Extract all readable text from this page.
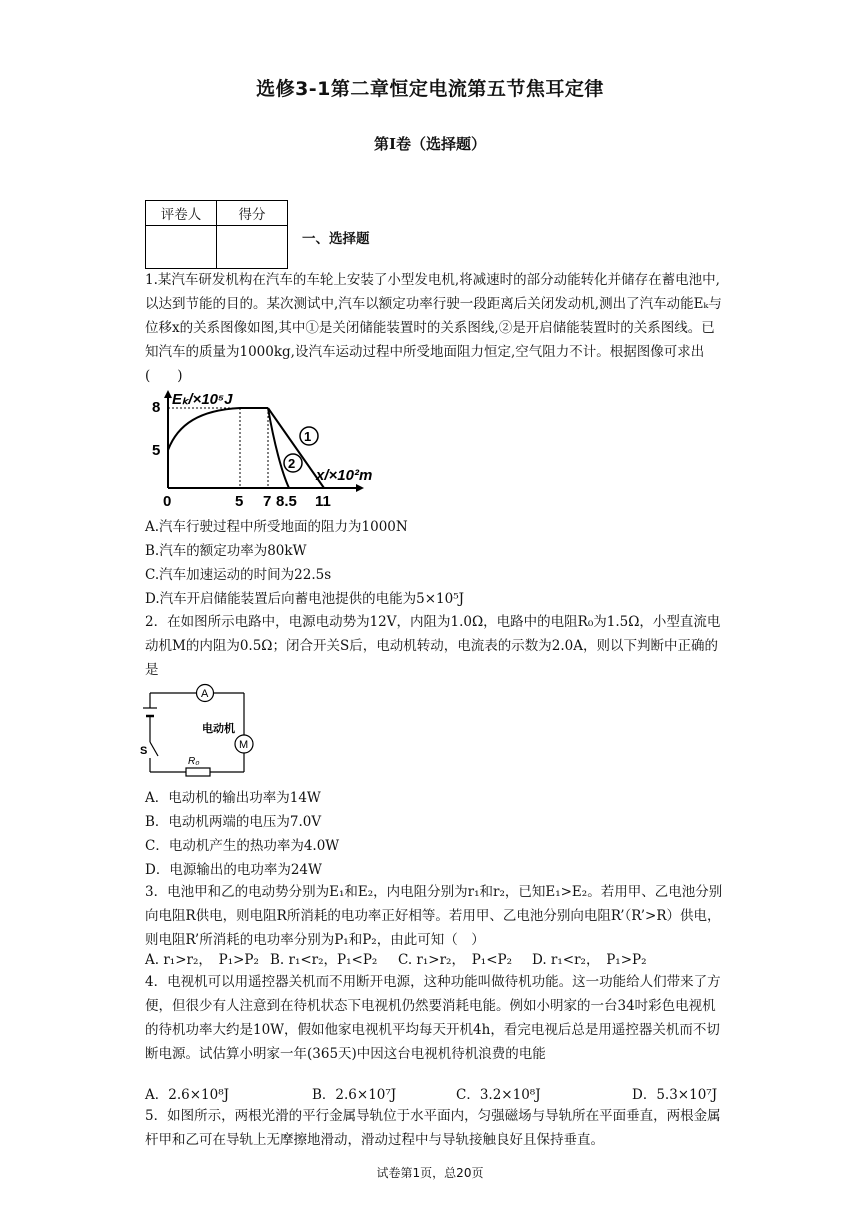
选修3-1第二章恒定电流第五节焦耳定律
第Ⅰ卷（选择题）
评卷人	得分

一、选择题
1.某汽车研发机构在汽车的车轮上安装了小型发电机,将减速时的部分动能转化并储存在蓄电池中,以达到节能的目的。某次测试中,汽车以额定功率行驶一段距离后关闭发动机,测出了汽车动能Eₖ与位移x的关系图像如图,其中①是关闭储能装置时的关系图线,②是开启储能装置时的关系图线。已知汽车的质量为1000kg,设汽车运动过程中所受地面阻力恒定,空气阻力不计。根据图像可求出(　　)
8
5
0	5 7 8.5 11
Eₖ/×10⁵J
x/×10²m
1
2
A.汽车行驶过程中所受地面的阻力为1000N
B.汽车的额定功率为80kW
C.汽车加速运动的时间为22.5s
D.汽车开启储能装置后向蓄电池提供的电能为5×10⁵J
2．在如图所示电路中，电源电动势为12V，内阻为1.0Ω，电路中的电阻R₀为1.5Ω，小型直流电动机M的内阻为0.5Ω；闭合开关S后，电动机转动，电流表的示数为2.0A，则以下判断中正确的是
S
A
M
电动机
R₀
A．电动机的输出功率为14W
B．电动机两端的电压为7.0V
C．电动机产生的热功率为4.0W
D．电源输出的电功率为24W
3．电池甲和乙的电动势分别为E₁和E₂，内电阻分别为r₁和r₂，已知E₁>E₂。若用甲、乙电池分别向电阻R供电，则电阻R所消耗的电功率正好相等。若用甲、乙电池分别向电阻R’（R’>R）供电，则电阻R’所消耗的电功率分别为P₁和P₂，由此可知（　）
A. r₁>r₂，　P₁>P₂ B. r₁<r₂，P₁<P₂ C. r₁>r₂，　P₁<P₂ D. r₁<r₂，　P₁>P₂
4．电视机可以用遥控器关机而不用断开电源，这种功能叫做待机功能。这一功能给人们带来了方便，但很少有人注意到在待机状态下电视机仍然要消耗电能。例如小明家的一台34吋彩色电视机的待机功率大约是10W，假如他家电视机平均每天开机4h，看完电视后总是用遥控器关机而不切断电源。试估算小明家一年(365天)中因这台电视机待机浪费的电能
A．2.6×10⁸J	B．2.6×10⁷J	C．3.2×10⁸J	D．5.3×10⁷J
5．如图所示，两根光滑的平行金属导轨位于水平面内，匀强磁场与导轨所在平面垂直，两根金属杆甲和乙可在导轨上无摩擦地滑动，滑动过程中与导轨接触良好且保持垂直。
试卷第1页，总20页
